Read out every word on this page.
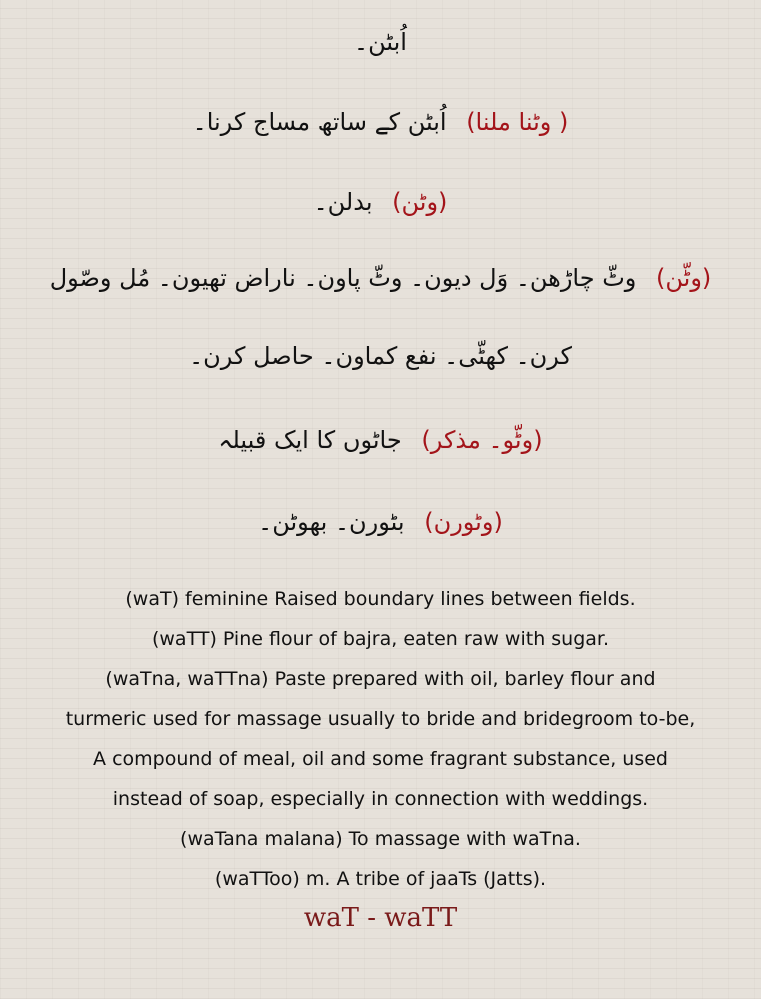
اُبٹن۔
( وٹنا ملنا) اُبٹن کے ساتھ مساج کرنا۔
(وٹن) بدلن۔
(وٹّن) وٹّ چاڑھن۔ وَل دیون۔ وٹّ پاون۔ ناراض تھیون۔ مُل وصّول
کرن۔ کھٹّی۔ نفع کماون۔ حاصل کرن۔
(وٹّو۔ مذکر) جاٹوں کا ایک قبیلہ
(وٹورن) بٹورن۔ بھوٹن۔
(waT) feminine Raised boundary lines between fields.
(waTT) Pine flour of bajra, eaten raw with sugar.
(waTna, waTTna) Paste prepared with oil, barley flour and
turmeric used for massage usually to bride and bridegroom to-be,
A compound of meal, oil and some fragrant substance, used
instead of soap, especially in connection with weddings.
(waTana malana) To massage with waTna.
(waTToo) m. A tribe of jaaTs (Jatts).
waT - waTT
